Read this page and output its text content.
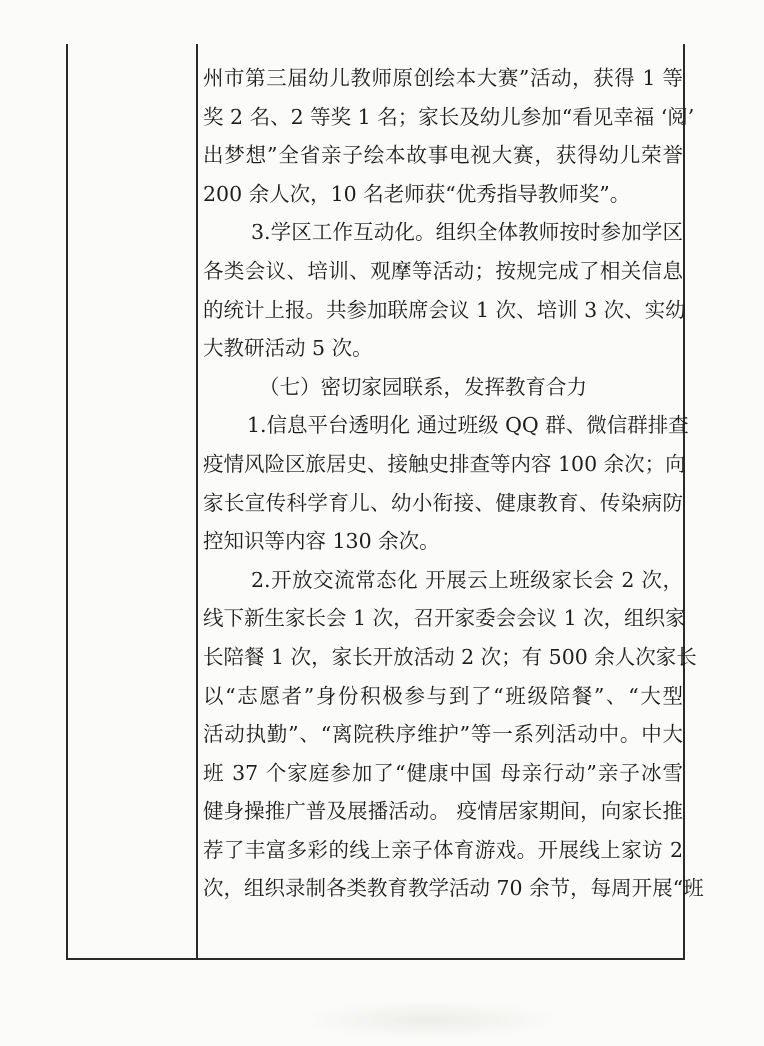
州市第三届幼儿教师原创绘本大赛”活动，获得 1 等
奖 2 名、2 等奖 1 名；家长及幼儿参加“看见幸福 ‘阅’
出梦想”全省亲子绘本故事电视大赛，获得幼儿荣誉
200 余人次，10 名老师获“优秀指导教师奖”。
3.学区工作互动化。组织全体教师按时参加学区
各类会议、培训、观摩等活动；按规完成了相关信息
的统计上报。共参加联席会议 1 次、培训 3 次、实幼
大教研活动 5 次。
（七）密切家园联系，发挥教育合力
1.信息平台透明化 通过班级 QQ 群、微信群排查
疫情风险区旅居史、接触史排查等内容 100 余次；向
家长宣传科学育儿、幼小衔接、健康教育、传染病防
控知识等内容 130 余次。
2.开放交流常态化 开展云上班级家长会 2 次，
线下新生家长会 1 次，召开家委会会议 1 次，组织家
长陪餐 1 次，家长开放活动 2 次；有 500 余人次家长
以“志愿者”身份积极参与到了“班级陪餐”、“大型
活动执勤”、“离院秩序维护”等一系列活动中。中大
班 37 个家庭参加了“健康中国 母亲行动”亲子冰雪
健身操推广普及展播活动。 疫情居家期间，向家长推
荐了丰富多彩的线上亲子体育游戏。开展线上家访 2
次，组织录制各类教育教学活动 70 余节，每周开展“班
